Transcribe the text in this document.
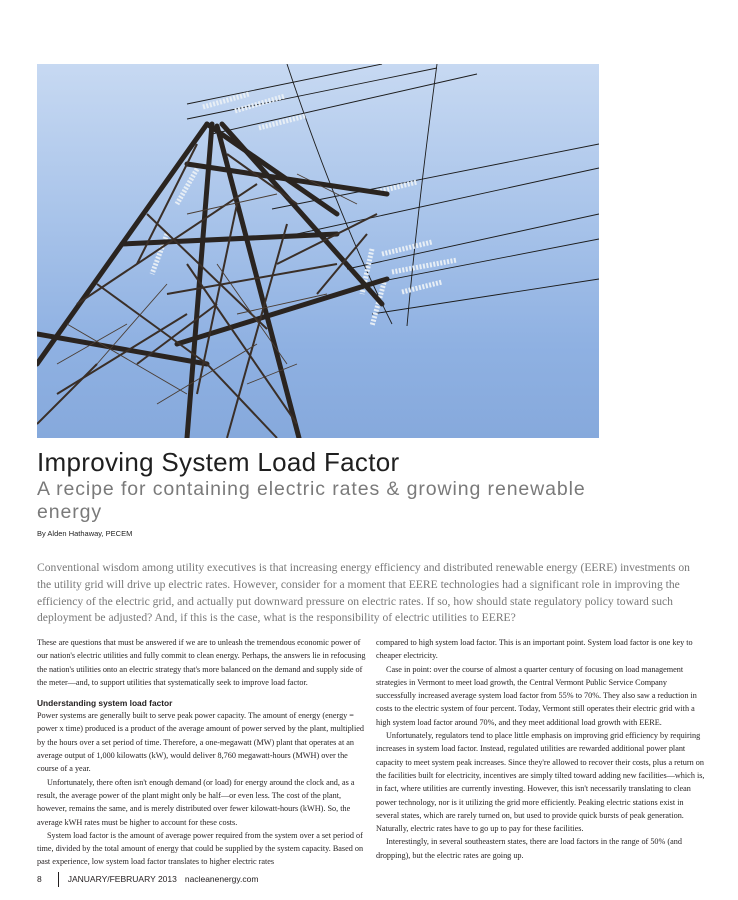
Improving System Load Factor
A recipe for containing electric rates & growing renewable energy
By Alden Hathaway, PECEM

Conventional wisdom among utility executives is that increasing energy efficiency and distributed renewable energy (EERE) investments on the utility grid will drive up electric rates. However, consider for a moment that EERE technologies had a significant role in improving the efficiency of the electric grid, and actually put downward pressure on electric rates. If so, how should state regulatory policy toward such deployment be adjusted? And, if this is the case, what is the responsibility of electric utilities to EERE?

These are questions that must be answered if we are to unleash the tremendous economic power of our nation's electric utilities and fully commit to clean energy. Perhaps, the answers lie in refocusing the nation's utilities onto an electric strategy that's more balanced on the demand and supply side of the meter—and, to support utilities that systematically seek to improve load factor.

Understanding system load factor

Power systems are generally built to serve peak power capacity. The amount of energy (energy = power x time) produced is a product of the average amount of power served by the plant, multiplied by the hours over a set period of time. Therefore, a one-megawatt (MW) plant that operates at an average output of 1,000 kilowatts (kW), would deliver 8,760 megawatt-hours (MWH) over the course of a year.

Unfortunately, there often isn't enough demand (or load) for energy around the clock and, as a result, the average power of the plant might only be half—or even less. The cost of the plant, however, remains the same, and is merely distributed over fewer kilowatt-hours (kWH). So, the average kWH rates must be higher to account for these costs.

System load factor is the amount of average power required from the system over a set period of time, divided by the total amount of energy that could be supplied by the system capacity. Based on past experience, low system load factor translates to higher electric rates

compared to high system load factor. This is an important point. System load factor is one key to cheaper electricity.

Case in point: over the course of almost a quarter century of focusing on load management strategies in Vermont to meet load growth, the Central Vermont Public Service Company successfully increased average system load factor from 55% to 70%. They also saw a reduction in costs to the electric system of four percent. Today, Vermont still operates their electric grid with a high system load factor around 70%, and they meet additional load growth with EERE.

Unfortunately, regulators tend to place little emphasis on improving grid efficiency by requiring increases in system load factor. Instead, regulated utilities are rewarded additional power plant capacity to meet system peak increases. Since they're allowed to recover their costs, plus a return on the facilities built for electricity, incentives are simply tilted toward adding new facilities—which is, in fact, where utilities are currently investing. However, this isn't necessarily translating to clean power technology, nor is it utilizing the grid more efficiently. Peaking electric stations exist in several states, which are rarely turned on, but used to provide quick bursts of peak generation. Naturally, electric rates have to go up to pay for these facilities.

Interestingly, in several southeastern states, there are load factors in the range of 50% (and dropping), but the electric rates are going up.

8	JANUARY/FEBRUARY 2013 nacleanenergy.com
